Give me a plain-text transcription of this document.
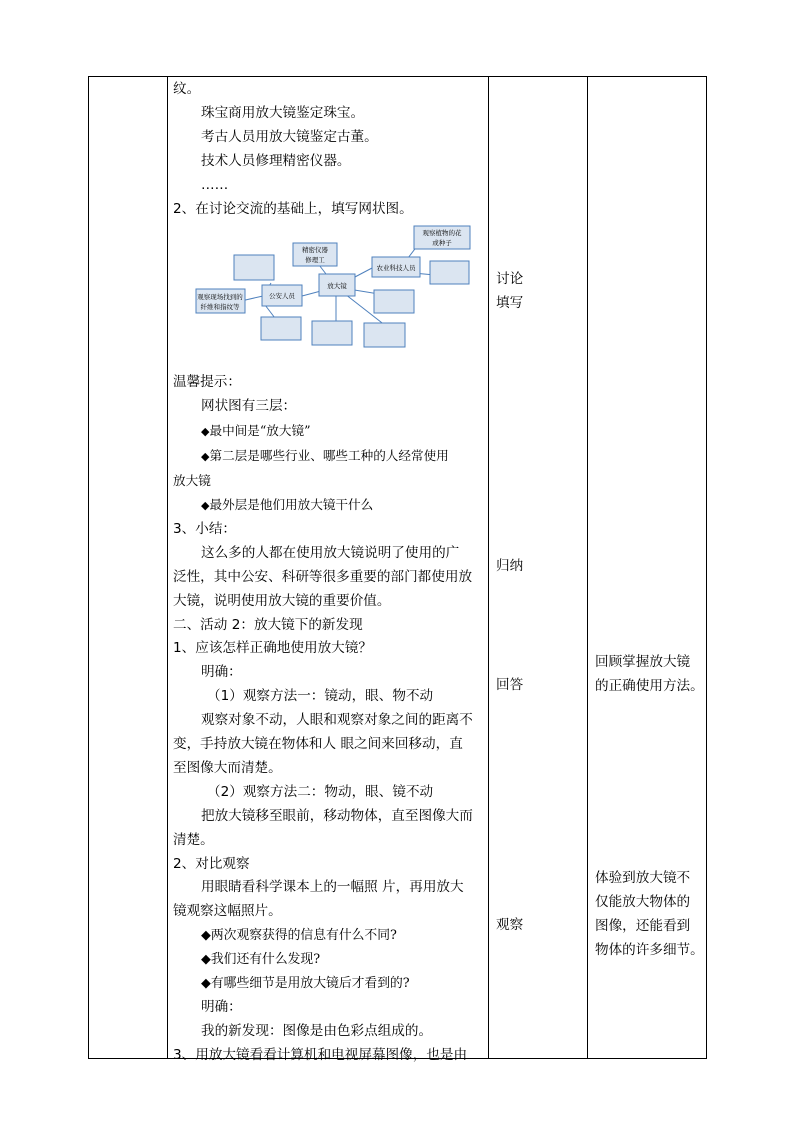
纹。

珠宝商用放大镜鉴定珠宝。

考古人员用放大镜鉴定古董。

技术人员修理精密仪器。

……

2、在讨论交流的基础上，填写网状图。

精密仪器
修理工
观察植物的花
或种子
农业科技人员
观察现场找到的
纤维和指纹等
公安人员
放大镜

温馨提示：

网状图有三层：

◆最中间是“放大镜”

◆第二层是哪些行业、哪些工种的人经常使用

放大镜

◆最外层是他们用放大镜干什么

3、小结：

这么多的人都在使用放大镜说明了使用的广

泛性，其中公安、科研等很多重要的部门都使用放

大镜，说明使用放大镜的重要价值。

二、活动 2：放大镜下的新发现

1、应该怎样正确地使用放大镜？

明确：

（1）观察方法一：镜动，眼、物不动

观察对象不动，人眼和观察对象之间的距离不

变，手持放大镜在物体和人 眼之间来回移动，直

至图像大而清楚。

（2）观察方法二：物动，眼、镜不动

把放大镜移至眼前，移动物体，直至图像大而

清楚。

2、对比观察

用眼睛看科学课本上的一幅照 片，再用放大

镜观察这幅照片。

◆两次观察获得的信息有什么不同?

◆我们还有什么发现?

◆有哪些细节是用放大镜后才看到的?

明确：

我的新发现：图像是由色彩点组成的。

3、用放大镜看看计算机和电视屏幕图像，也是由

讨论
填写
归纳
回答
观察
回顾掌握放大镜
的正确使用方法。
体验到放大镜不
仅能放大物体的
图像，还能看到
物体的许多细节。
